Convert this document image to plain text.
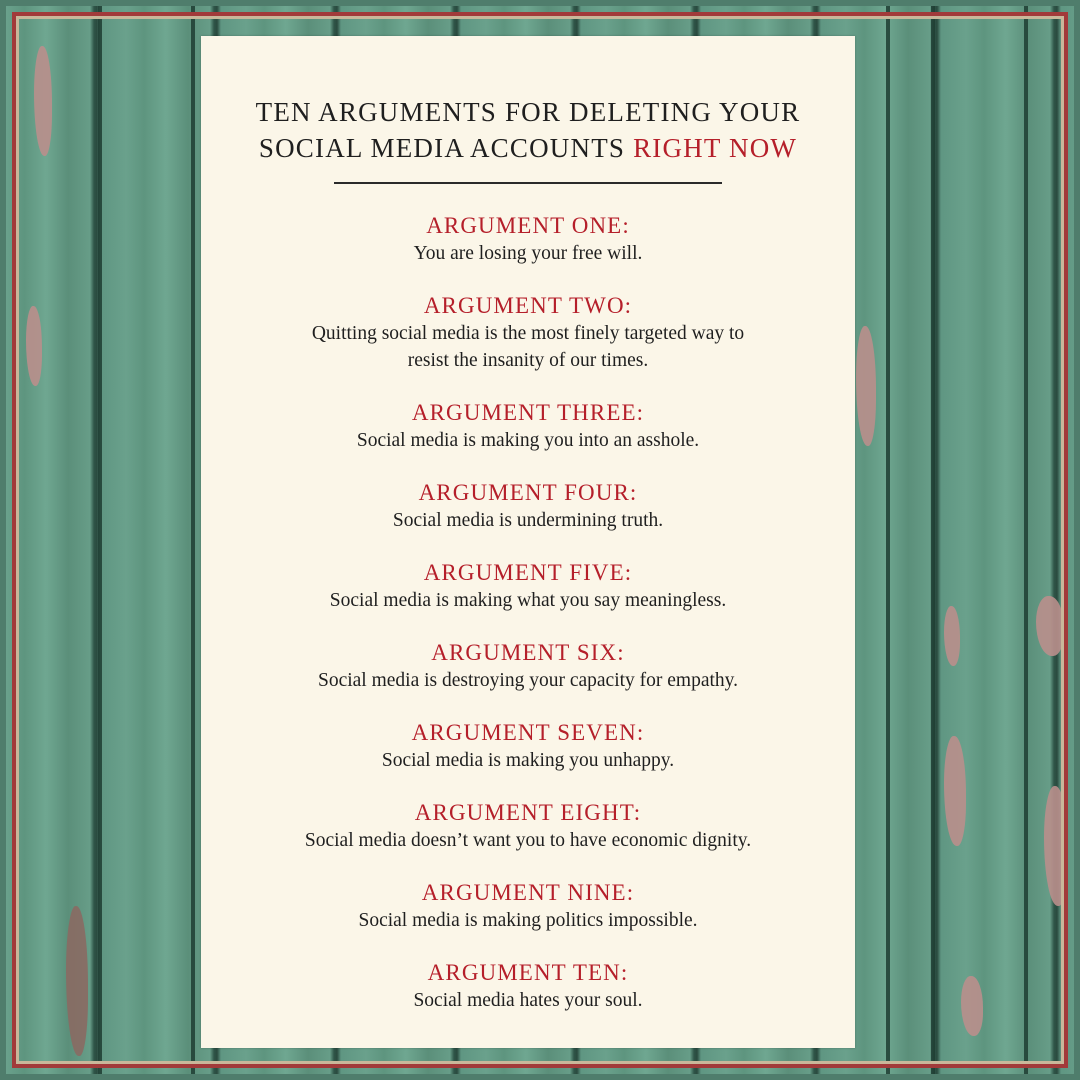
TEN ARGUMENTS FOR DELETING YOUR
SOCIAL MEDIA ACCOUNTS RIGHT NOW
ARGUMENT ONE:
You are losing your free will.
ARGUMENT TWO:
Quitting social media is the most finely targeted way to resist the insanity of our times.
ARGUMENT THREE:
Social media is making you into an asshole.
ARGUMENT FOUR:
Social media is undermining truth.
ARGUMENT FIVE:
Social media is making what you say meaningless.
ARGUMENT SIX:
Social media is destroying your capacity for empathy.
ARGUMENT SEVEN:
Social media is making you unhappy.
ARGUMENT EIGHT:
Social media doesn’t want you to have economic dignity.
ARGUMENT NINE:
Social media is making politics impossible.
ARGUMENT TEN:
Social media hates your soul.
